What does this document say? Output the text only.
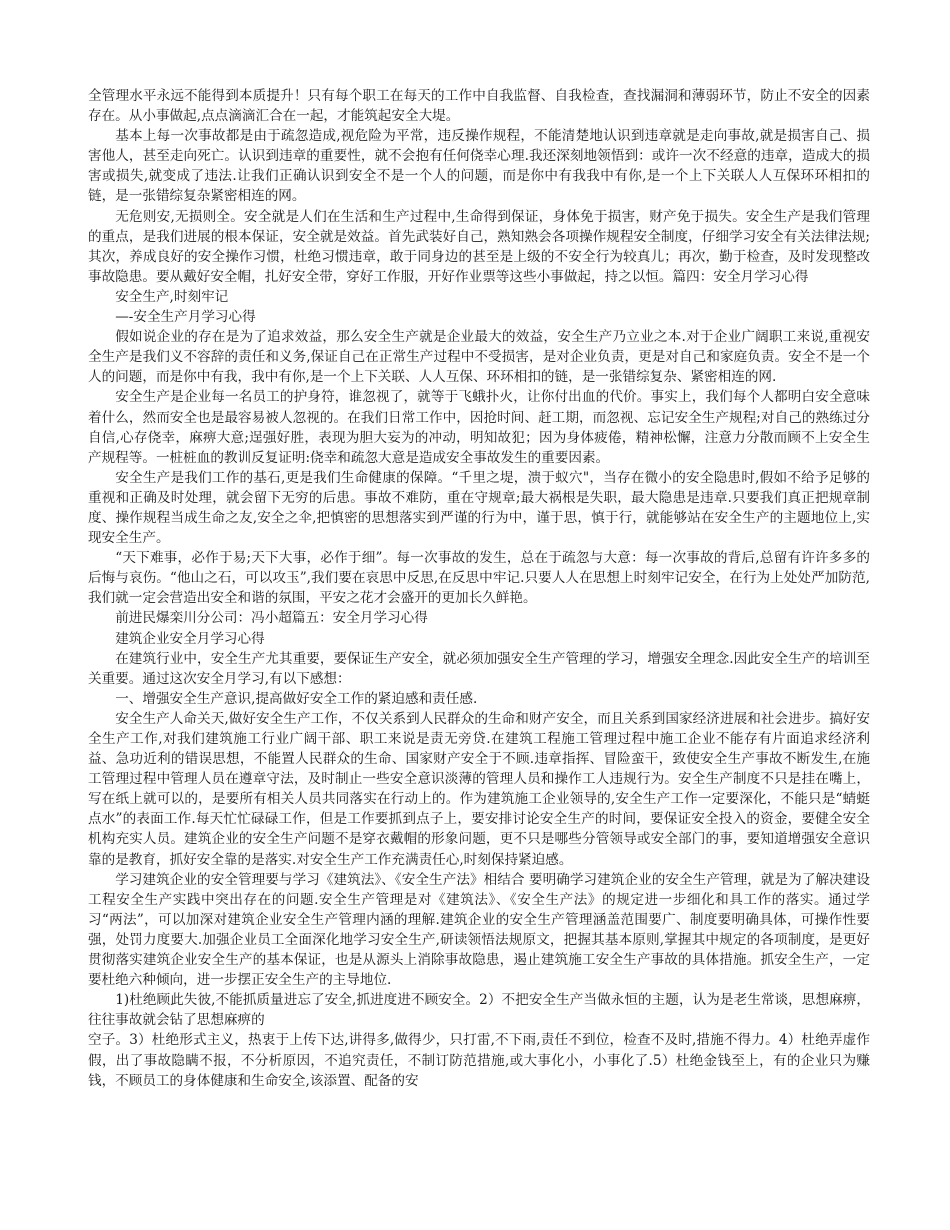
全管理水平永远不能得到本质提升！只有每个职工在每天的工作中自我监督、自我检查，查找漏洞和薄弱环节，防止不安全的因素存在。从小事做起,点点滴滴汇合在一起，才能筑起安全大堤。

基本上每一次事故都是由于疏忽造成,视危险为平常，违反操作规程，不能清楚地认识到违章就是走向事故,就是损害自己、损害他人，甚至走向死亡。认识到违章的重要性，就不会抱有任何侥幸心理.我还深刻地领悟到：或许一次不经意的违章，造成大的损害或损失,就变成了违法.让我们正确认识到安全不是一个人的问题，而是你中有我我中有你,是一个上下关联人人互保环环相扣的链，是一张错综复杂紧密相连的网。

无危则安,无损则全。安全就是人们在生活和生产过程中,生命得到保证，身体免于损害，财产免于损失。安全生产是我们管理的重点，是我们进展的根本保证，安全就是效益。首先武装好自己，熟知熟会各项操作规程安全制度，仔细学习安全有关法律法规;其次，养成良好的安全操作习惯，杜绝习惯违章，敢于同身边的甚至是上级的不安全行为较真儿；再次，勤于检查，及时发现整改事故隐患。要从戴好安全帽，扎好安全带，穿好工作服，开好作业票等这些小事做起，持之以恒。篇四：安全月学习心得

安全生产,时刻牢记

—-安全生产月学习心得

假如说企业的存在是为了追求效益，那么安全生产就是企业最大的效益，安全生产乃立业之本.对于企业广阔职工来说,重视安全生产是我们义不容辞的责任和义务,保证自己在正常生产过程中不受损害，是对企业负责，更是对自己和家庭负责。安全不是一个人的问题，而是你中有我，我中有你,是一个上下关联、人人互保、环环相扣的链，是一张错综复杂、紧密相连的网.

安全生产是企业每一名员工的护身符，谁忽视了，就等于飞蛾扑火，让你付出血的代价。事实上，我们每个人都明白安全意味着什么，然而安全也是最容易被人忽视的。在我们日常工作中，因抢时间、赶工期，而忽视、忘记安全生产规程;对自己的熟练过分自信,心存侥幸，麻痹大意;逞强好胜，表现为胆大妄为的冲动，明知故犯；因为身体疲倦，精神松懈，注意力分散而顾不上安全生产规程等。一桩桩血的教训反复证明:侥幸和疏忽大意是造成安全事故发生的重要因素。

安全生产是我们工作的基石,更是我们生命健康的保障。“千里之堤，溃于蚁穴"，当存在微小的安全隐患时,假如不给予足够的重视和正确及时处理，就会留下无穷的后患。事故不难防，重在守规章;最大祸根是失职，最大隐患是违章.只要我们真正把规章制度、操作规程当成生命之友,安全之伞,把慎密的思想落实到严谨的行为中，谨于思，慎于行，就能够站在安全生产的主题地位上,实现安全生产。

“天下难事，必作于易;天下大事，必作于细”。每一次事故的发生，总在于疏忽与大意：每一次事故的背后,总留有许许多多的后悔与哀伤。“他山之石，可以攻玉”,我们要在哀思中反思,在反思中牢记.只要人人在思想上时刻牢记安全，在行为上处处严加防范,我们就一定会营造出安全和谐的氛围，平安之花才会盛开的更加长久鲜艳。

前进民爆栾川分公司：冯小超篇五：安全月学习心得

建筑企业安全月学习心得

在建筑行业中，安全生产尤其重要，要保证生产安全，就必须加强安全生产管理的学习，增强安全理念.因此安全生产的培训至关重要。通过这次安全月学习,有以下感想：

一、增强安全生产意识,提高做好安全工作的紧迫感和责任感.

安全生产人命关天,做好安全生产工作，不仅关系到人民群众的生命和财产安全，而且关系到国家经济进展和社会进步。搞好安全生产工作,对我们建筑施工行业广阔干部、职工来说是责无旁贷.在建筑工程施工管理过程中施工企业不能存有片面追求经济利益、急功近利的错误思想，不能置人民群众的生命、国家财产安全于不顾.违章指挥、冒险蛮干，致使安全生产事故不断发生,在施工管理过程中管理人员在遵章守法，及时制止一些安全意识淡薄的管理人员和操作工人违规行为。安全生产制度不只是挂在嘴上，写在纸上就可以的，是要所有相关人员共同落实在行动上的。作为建筑施工企业领导的,安全生产工作一定要深化，不能只是“蜻蜓点水”的表面工作.每天忙忙碌碌工作，但是工作要抓到点子上，要安排讨论安全生产的时间，要保证安全投入的资金，要健全安全机构充实人员。建筑企业的安全生产问题不是穿衣戴帽的形象问题，更不只是哪些分管领导或安全部门的事，要知道增强安全意识靠的是教育，抓好安全靠的是落实.对安全生产工作充满责任心,时刻保持紧迫感。

学习建筑企业的安全管理要与学习《建筑法》、《安全生产法》相结合 要明确学习建筑企业的安全生产管理，就是为了解决建设工程安全生产实践中突出存在的问题.安全生产管理是对《建筑法》、《安全生产法》的规定进一步细化和具工作的落实。通过学习“两法”，可以加深对建筑企业安全生产管理内涵的理解.建筑企业的安全生产管理涵盖范围要广、制度要明确具体，可操作性要强，处罚力度要大.加强企业员工全面深化地学习安全生产,研读领悟法规原文，把握其基本原则,掌握其中规定的各项制度，是更好贯彻落实建筑企业安全生产的基本保证，也是从源头上消除事故隐患，遏止建筑施工安全生产事故的具体措施。抓安全生产，一定要杜绝六种倾向，进一步摆正安全生产的主导地位.

1)杜绝顾此失彼,不能抓质量进忘了安全,抓进度进不顾安全。2）不把安全生产当做永恒的主题，认为是老生常谈，思想麻痹，往往事故就会钻了思想麻痹的

空子。3）杜绝形式主义，热衷于上传下达,讲得多,做得少，只打雷,不下雨,责任不到位，检查不及时,措施不得力。4）杜绝弄虚作假，出了事故隐瞒不报，不分析原因，不追究责任，不制订防范措施,或大事化小，小事化了.5）杜绝金钱至上，有的企业只为赚钱，不顾员工的身体健康和生命安全,该添置、配备的安
